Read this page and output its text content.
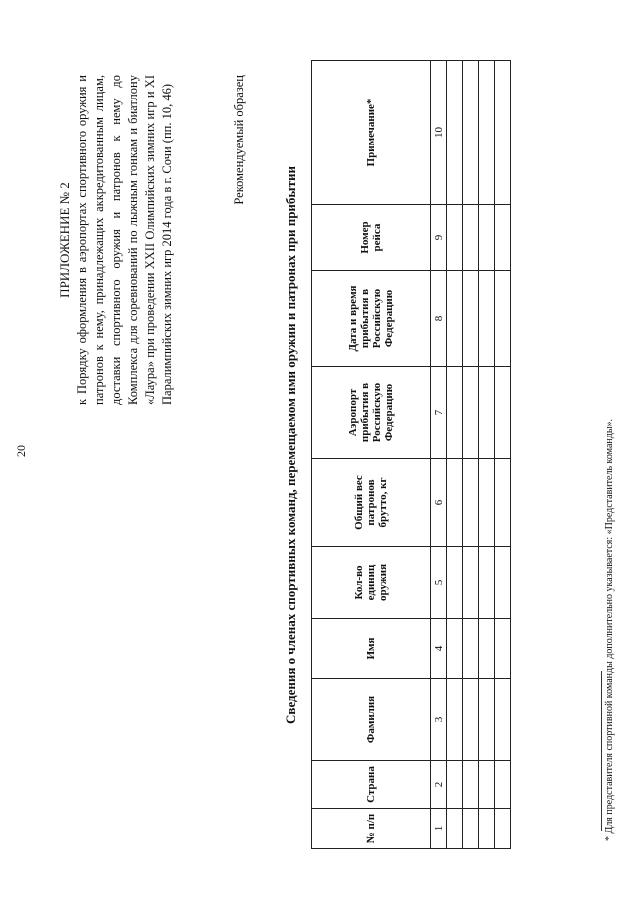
20
ПРИЛОЖЕНИЕ № 2 к Порядку оформления в аэропортах спортивного оружия и патронов к нему, принадлежащих аккредитованным лицам, доставки спортивного оружия и патронов к нему до Комплекса для соревнований по лыжным гонкам и биатлону «Лаура» при проведении XXII Олимпийских зимних игр и XI Паралимпийских зимних игр 2014 года в г. Сочи (пп. 10, 46)	Рекомендуемый образец
Сведения о членах спортивных команд, перемещаемом ими оружии и патронах при прибытии
№ п/п	Страна	Фамилия	Имя	Кол-во единиц оружия	Общий вес патронов брутто, кг	Аэропорт прибытия в Российскую Федерацию	Дата и время прибытия в Российскую Федерацию	Номер рейса	Примечание*
1	2	3	4	5	6	7	8	9	10

* Для представителя спортивной команды дополнительно указывается: «Представитель команды».
